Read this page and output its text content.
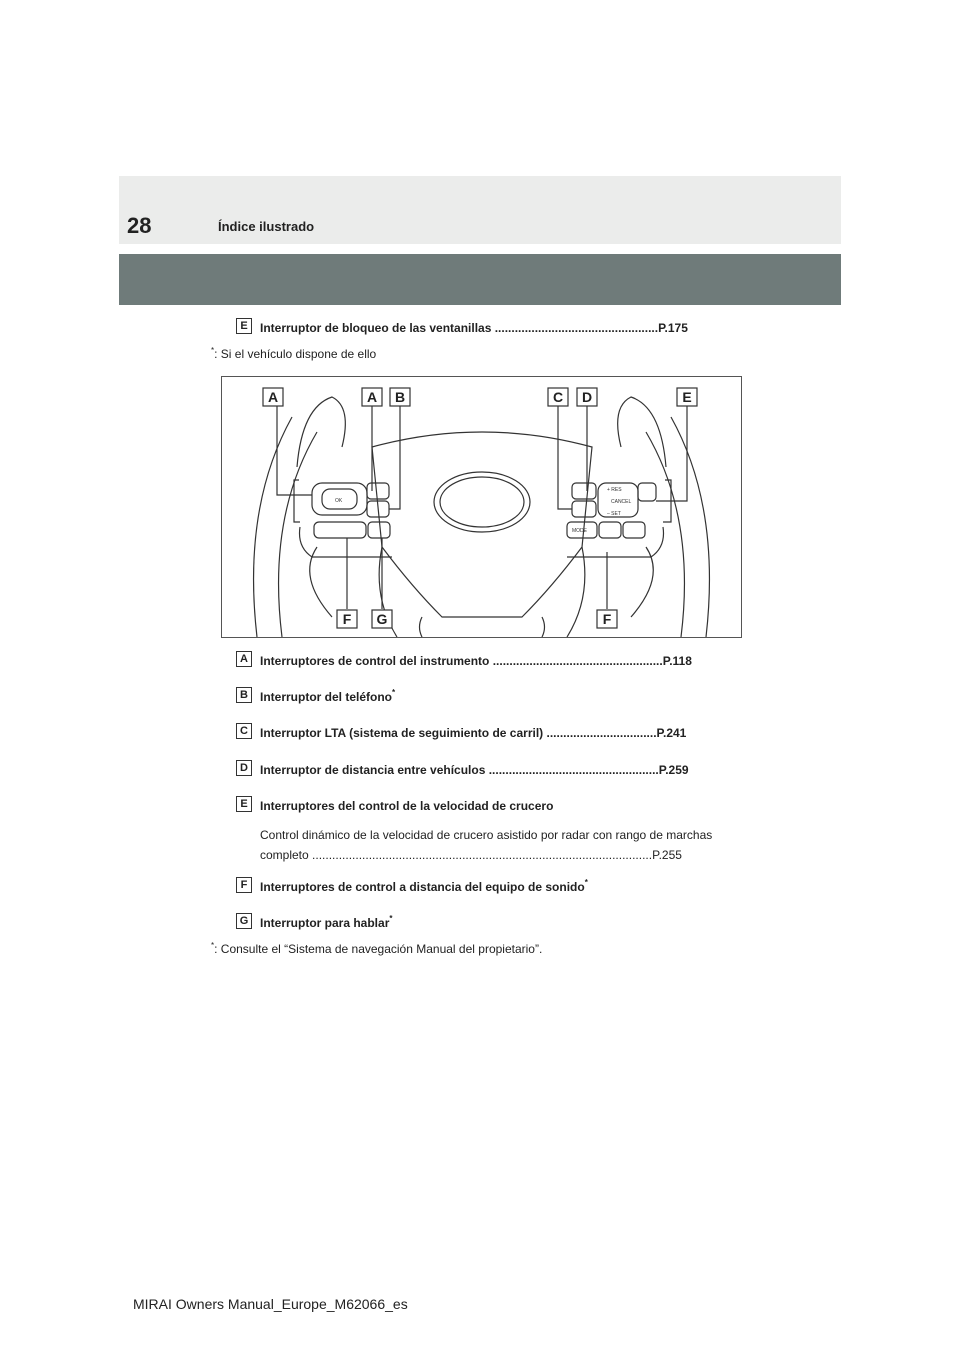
28	Índice ilustrado
E	Interruptor de bloqueo de las ventanillas .................................................P.175
*: Si el vehículo dispone de ello
OK	CANCEL
+ RES
– SET
MODE
A	A B	C D	E
F G	F
A	Interruptores de control del instrumento ...................................................P.118
B	Interruptor del teléfono*
C	Interruptor LTA (sistema de seguimiento de carril) .................................P.241
D	Interruptor de distancia entre vehículos ...................................................P.259
E	Interruptores del control de la velocidad de crucero
Control dinámico de la velocidad de crucero asistido por radar con rango de marchas
completo ......................................................................................................P.255
F	Interruptores de control a distancia del equipo de sonido*
G Interruptor para hablar*
*: Consulte el “Sistema de navegación Manual del propietario”.
MIRAI Owners Manual_Europe_M62066_es
